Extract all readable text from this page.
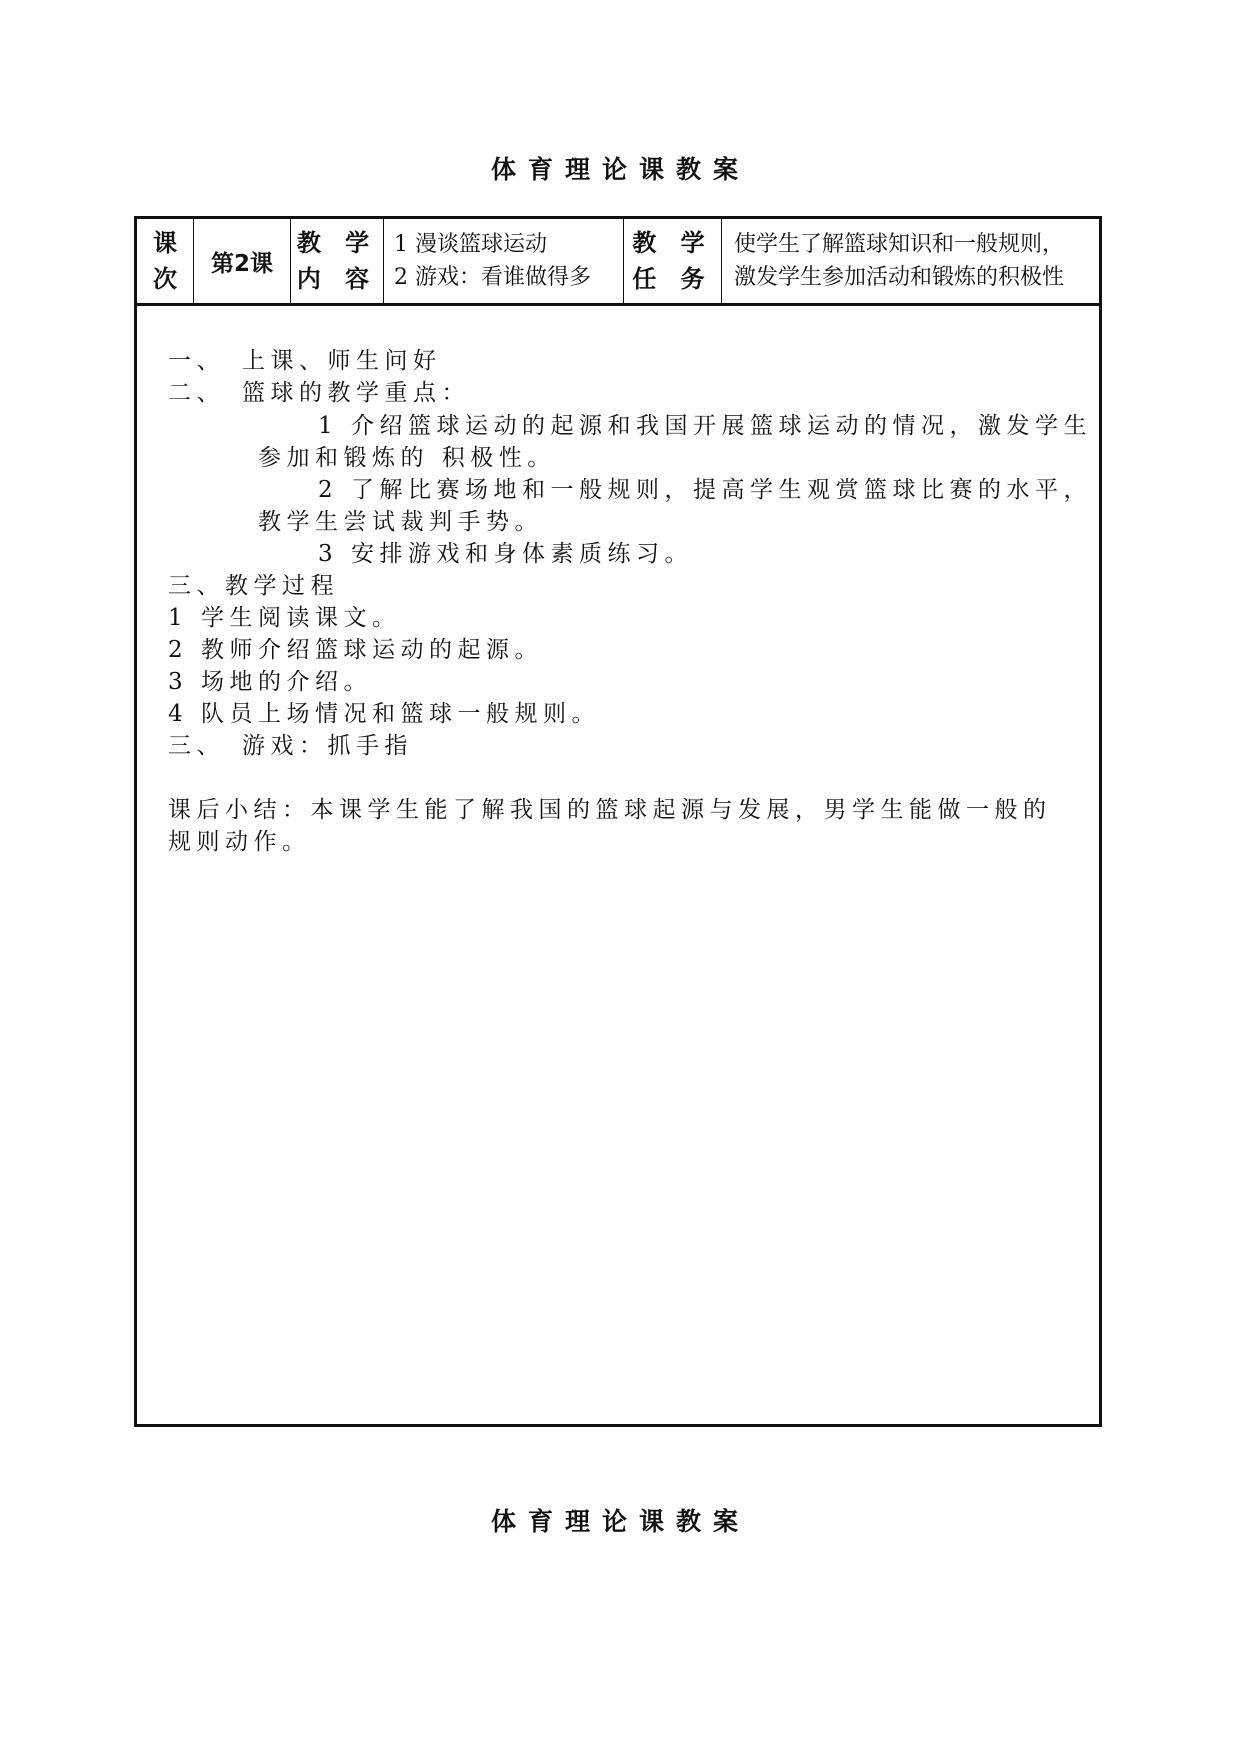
体育理论课教案
课
次
第2课
教 学
内 容
1 漫谈篮球运动
2 游戏：看谁做得多
教 学
任 务
使学生了解篮球知识和一般规则，
激发学生参加活动和锻炼的积极性
一、　上课、师生问好
二、　篮球的教学重点：
1 介绍篮球运动的起源和我国开展篮球运动的情况，激发学生
参加和锻炼的 积极性。
2 了解比赛场地和一般规则，提高学生观赏篮球比赛的水平，
教学生尝试裁判手势。
3 安排游戏和身体素质练习。
三、教学过程
1 学生阅读课文。
2 教师介绍篮球运动的起源。
3 场地的介绍。
4 队员上场情况和篮球一般规则。
三、　游戏：抓手指
课后小结：本课学生能了解我国的篮球起源与发展，男学生能做一般的
规则动作。
体育理论课教案
